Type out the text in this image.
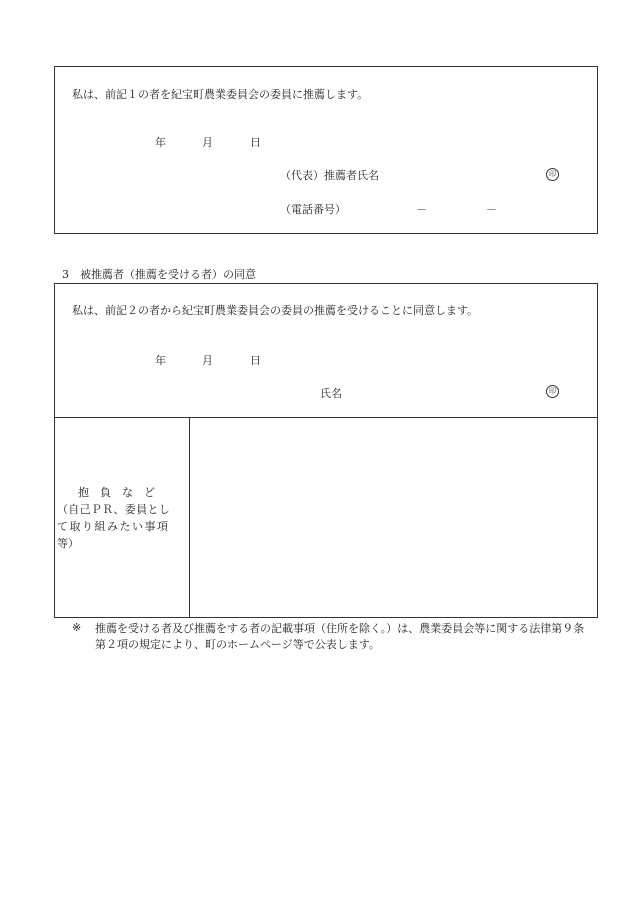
私は、前記１の者を紀宝町農業委員会の委員に推薦します。
年	月	日
（代表）推薦者氏名	印
（電話番号）	－	－
3　被推薦者（推薦を受ける者）の同意
私は、前記２の者から紀宝町農業委員会の委員の推薦を受けることに同意します。
年	月	日
氏名	印
抱　負　な　ど
（自己ＰＲ、委員とし
て取り組みたい事項
等）
※ 推薦を受ける者及び推薦をする者の記載事項（住所を除く。）は、農業委員会等に関する法律第９条第２項の規定により、町のホームページ等で公表します。
